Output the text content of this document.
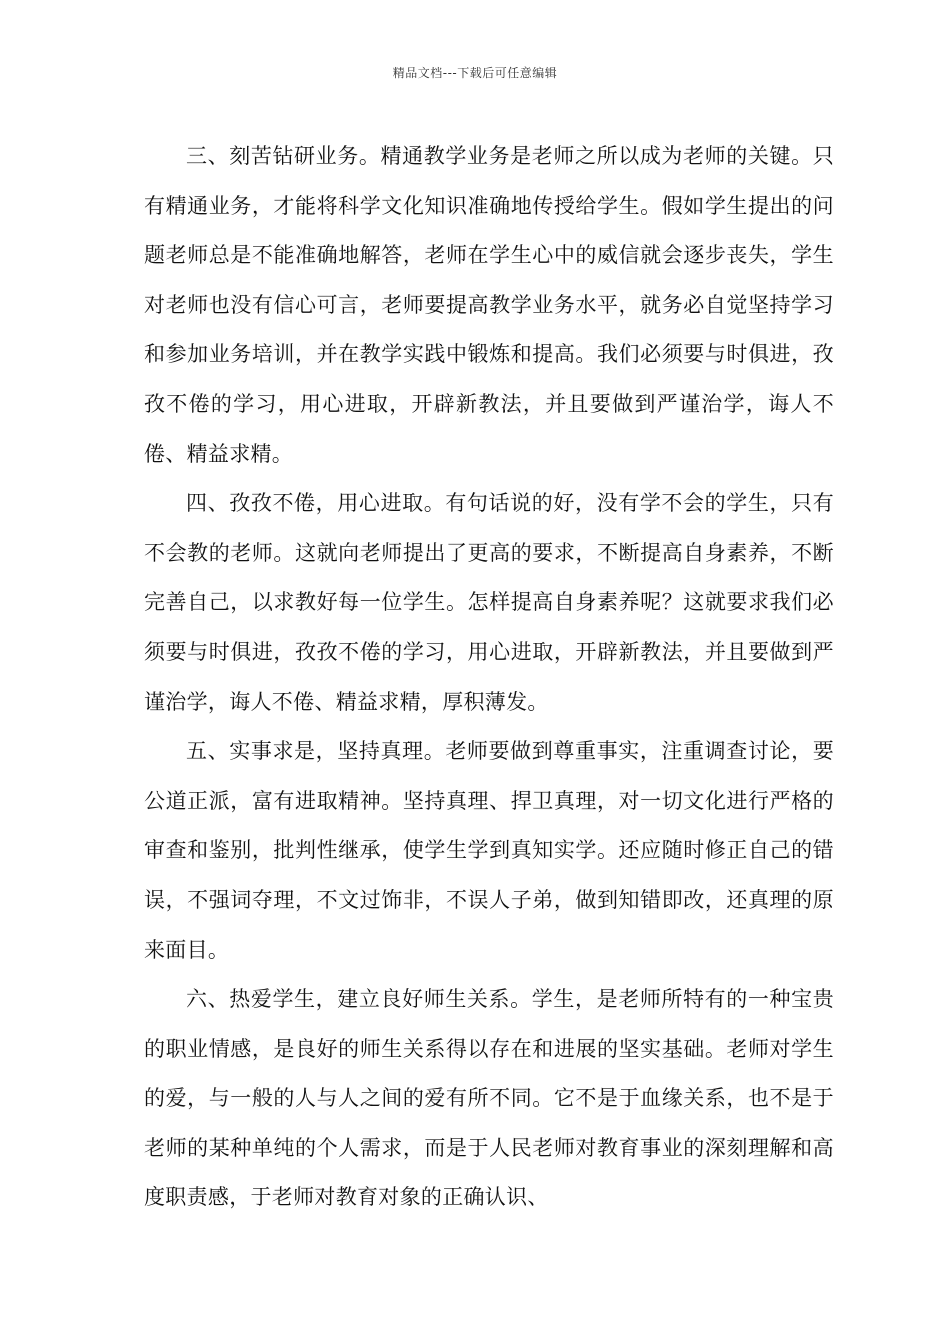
精品文档---下载后可任意编辑

三、刻苦钻研业务。精通教学业务是老师之所以成为老师的关键。只有精通业务，才能将科学文化知识准确地传授给学生。假如学生提出的问题老师总是不能准确地解答，老师在学生心中的威信就会逐步丧失，学生对老师也没有信心可言，老师要提高教学业务水平，就务必自觉坚持学习和参加业务培训，并在教学实践中锻炼和提高。我们必须要与时俱进，孜孜不倦的学习，用心进取，开辟新教法，并且要做到严谨治学，诲人不倦、精益求精。

四、孜孜不倦，用心进取。有句话说的好，没有学不会的学生，只有不会教的老师。这就向老师提出了更高的要求，不断提高自身素养，不断完善自己，以求教好每一位学生。怎样提高自身素养呢？这就要求我们必须要与时俱进，孜孜不倦的学习，用心进取，开辟新教法，并且要做到严谨治学，诲人不倦、精益求精，厚积薄发。

五、实事求是，坚持真理。老师要做到尊重事实，注重调查讨论，要公道正派，富有进取精神。坚持真理、捍卫真理，对一切文化进行严格的审查和鉴别，批判性继承，使学生学到真知实学。还应随时修正自己的错误，不强词夺理，不文过饰非，不误人子弟，做到知错即改，还真理的原来面目。

六、热爱学生，建立良好师生关系。学生，是老师所特有的一种宝贵的职业情感，是良好的师生关系得以存在和进展的坚实基础。老师对学生的爱，与一般的人与人之间的爱有所不同。它不是于血缘关系，也不是于老师的某种单纯的个人需求，而是于人民老师对教育事业的深刻理解和高度职责感，于老师对教育对象的正确认识、
